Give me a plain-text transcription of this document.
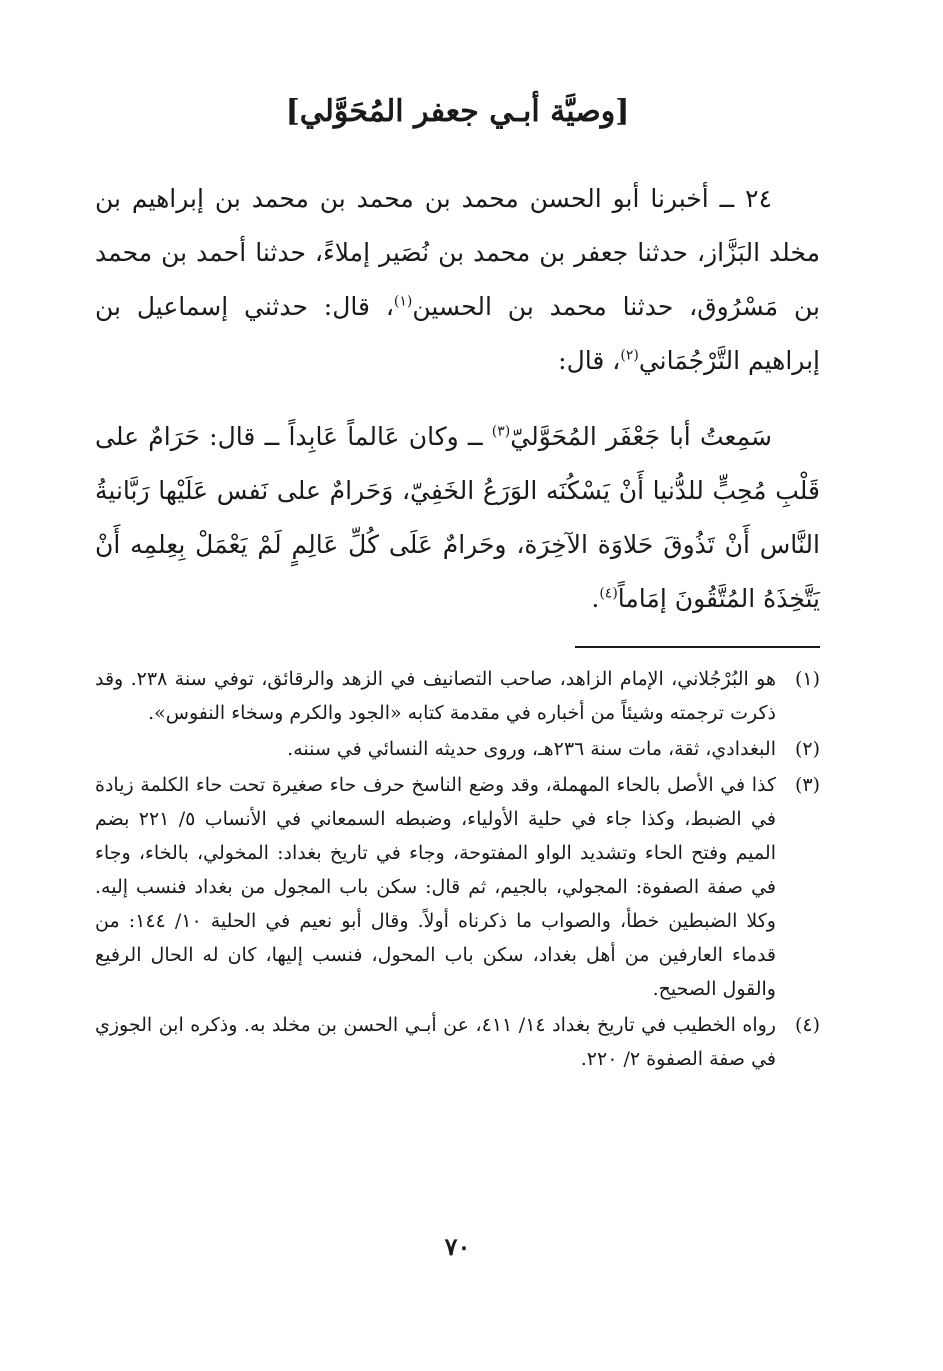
[وصيَّة أبـي جعفر المُحَوَّلي]

٢٤ ــ أخبرنا أبو الحسن محمد بن محمد بن محمد بن إبراهيم بن مخلد البَزَّاز، حدثنا جعفر بن محمد بن نُصَير إملاءً، حدثنا أحمد بن محمد بن مَسْرُوق، حدثنا محمد بن الحسين$^{(١)}$، قال: حدثني إسماعيل بن إبراهيم التَّرْجُمَاني$^{(٢)}$، قال:

سَمِعتُ أبا جَعْفَر المُحَوَّليّ$^{(٣)}$ ــ وكان عَالماً عَابِداً ــ قال: حَرَامٌ على قَلْبِ مُحِبٍّ للدُّنيا أَنْ يَسْكُنَه الوَرَعُ الخَفِيّ، وَحَرامٌ على نَفس عَلَيْها رَبَّانيةُ النَّاس أَنْ تَذُوقَ حَلاوَة الآخِرَة، وحَرامٌ عَلَى كُلِّ عَالِمٍ لَمْ يَعْمَلْ بِعِلمِه أَنْ يَتَّخِذَهُ المُتَّقُونَ إمَاماً$^{(٤)}$.

(١)
هو البُرْجُلاني، الإمام الزاهد، صاحب التصانيف في الزهد والرقائق، توفي سنة ٢٣٨. وقد ذكرت ترجمته وشيئاً من أخباره في مقدمة كتابه «الجود والكرم وسخاء النفوس».
(٢)
البغدادي، ثقة، مات سنة ٢٣٦هـ، وروى حديثه النسائي في سننه.
(٣)
كذا في الأصل بالحاء المهملة، وقد وضع الناسخ حرف حاء صغيرة تحت حاء الكلمة زيادة في الضبط، وكذا جاء في حلية الأولياء، وضبطه السمعاني في الأنساب ٥/ ٢٢١ بضم الميم وفتح الحاء وتشديد الواو المفتوحة، وجاء في تاريخ بغداد: المخولي، بالخاء، وجاء في صفة الصفوة: المجولي، بالجيم، ثم قال: سكن باب المجول من بغداد فنسب إليه. وكلا الضبطين خطأ، والصواب ما ذكرناه أولاً. وقال أبو نعيم في الحلية ١٠/ ١٤٤: من قدماء العارفين من أهل بغداد، سكن باب المحول، فنسب إليها، كان له الحال الرفيع والقول الصحيح.
(٤)
رواه الخطيب في تاريخ بغداد ١٤/ ٤١١، عن أبـي الحسن بن مخلد به. وذكره ابن الجوزي في صفة الصفوة ٢/ ٢٢٠.
٧٠
